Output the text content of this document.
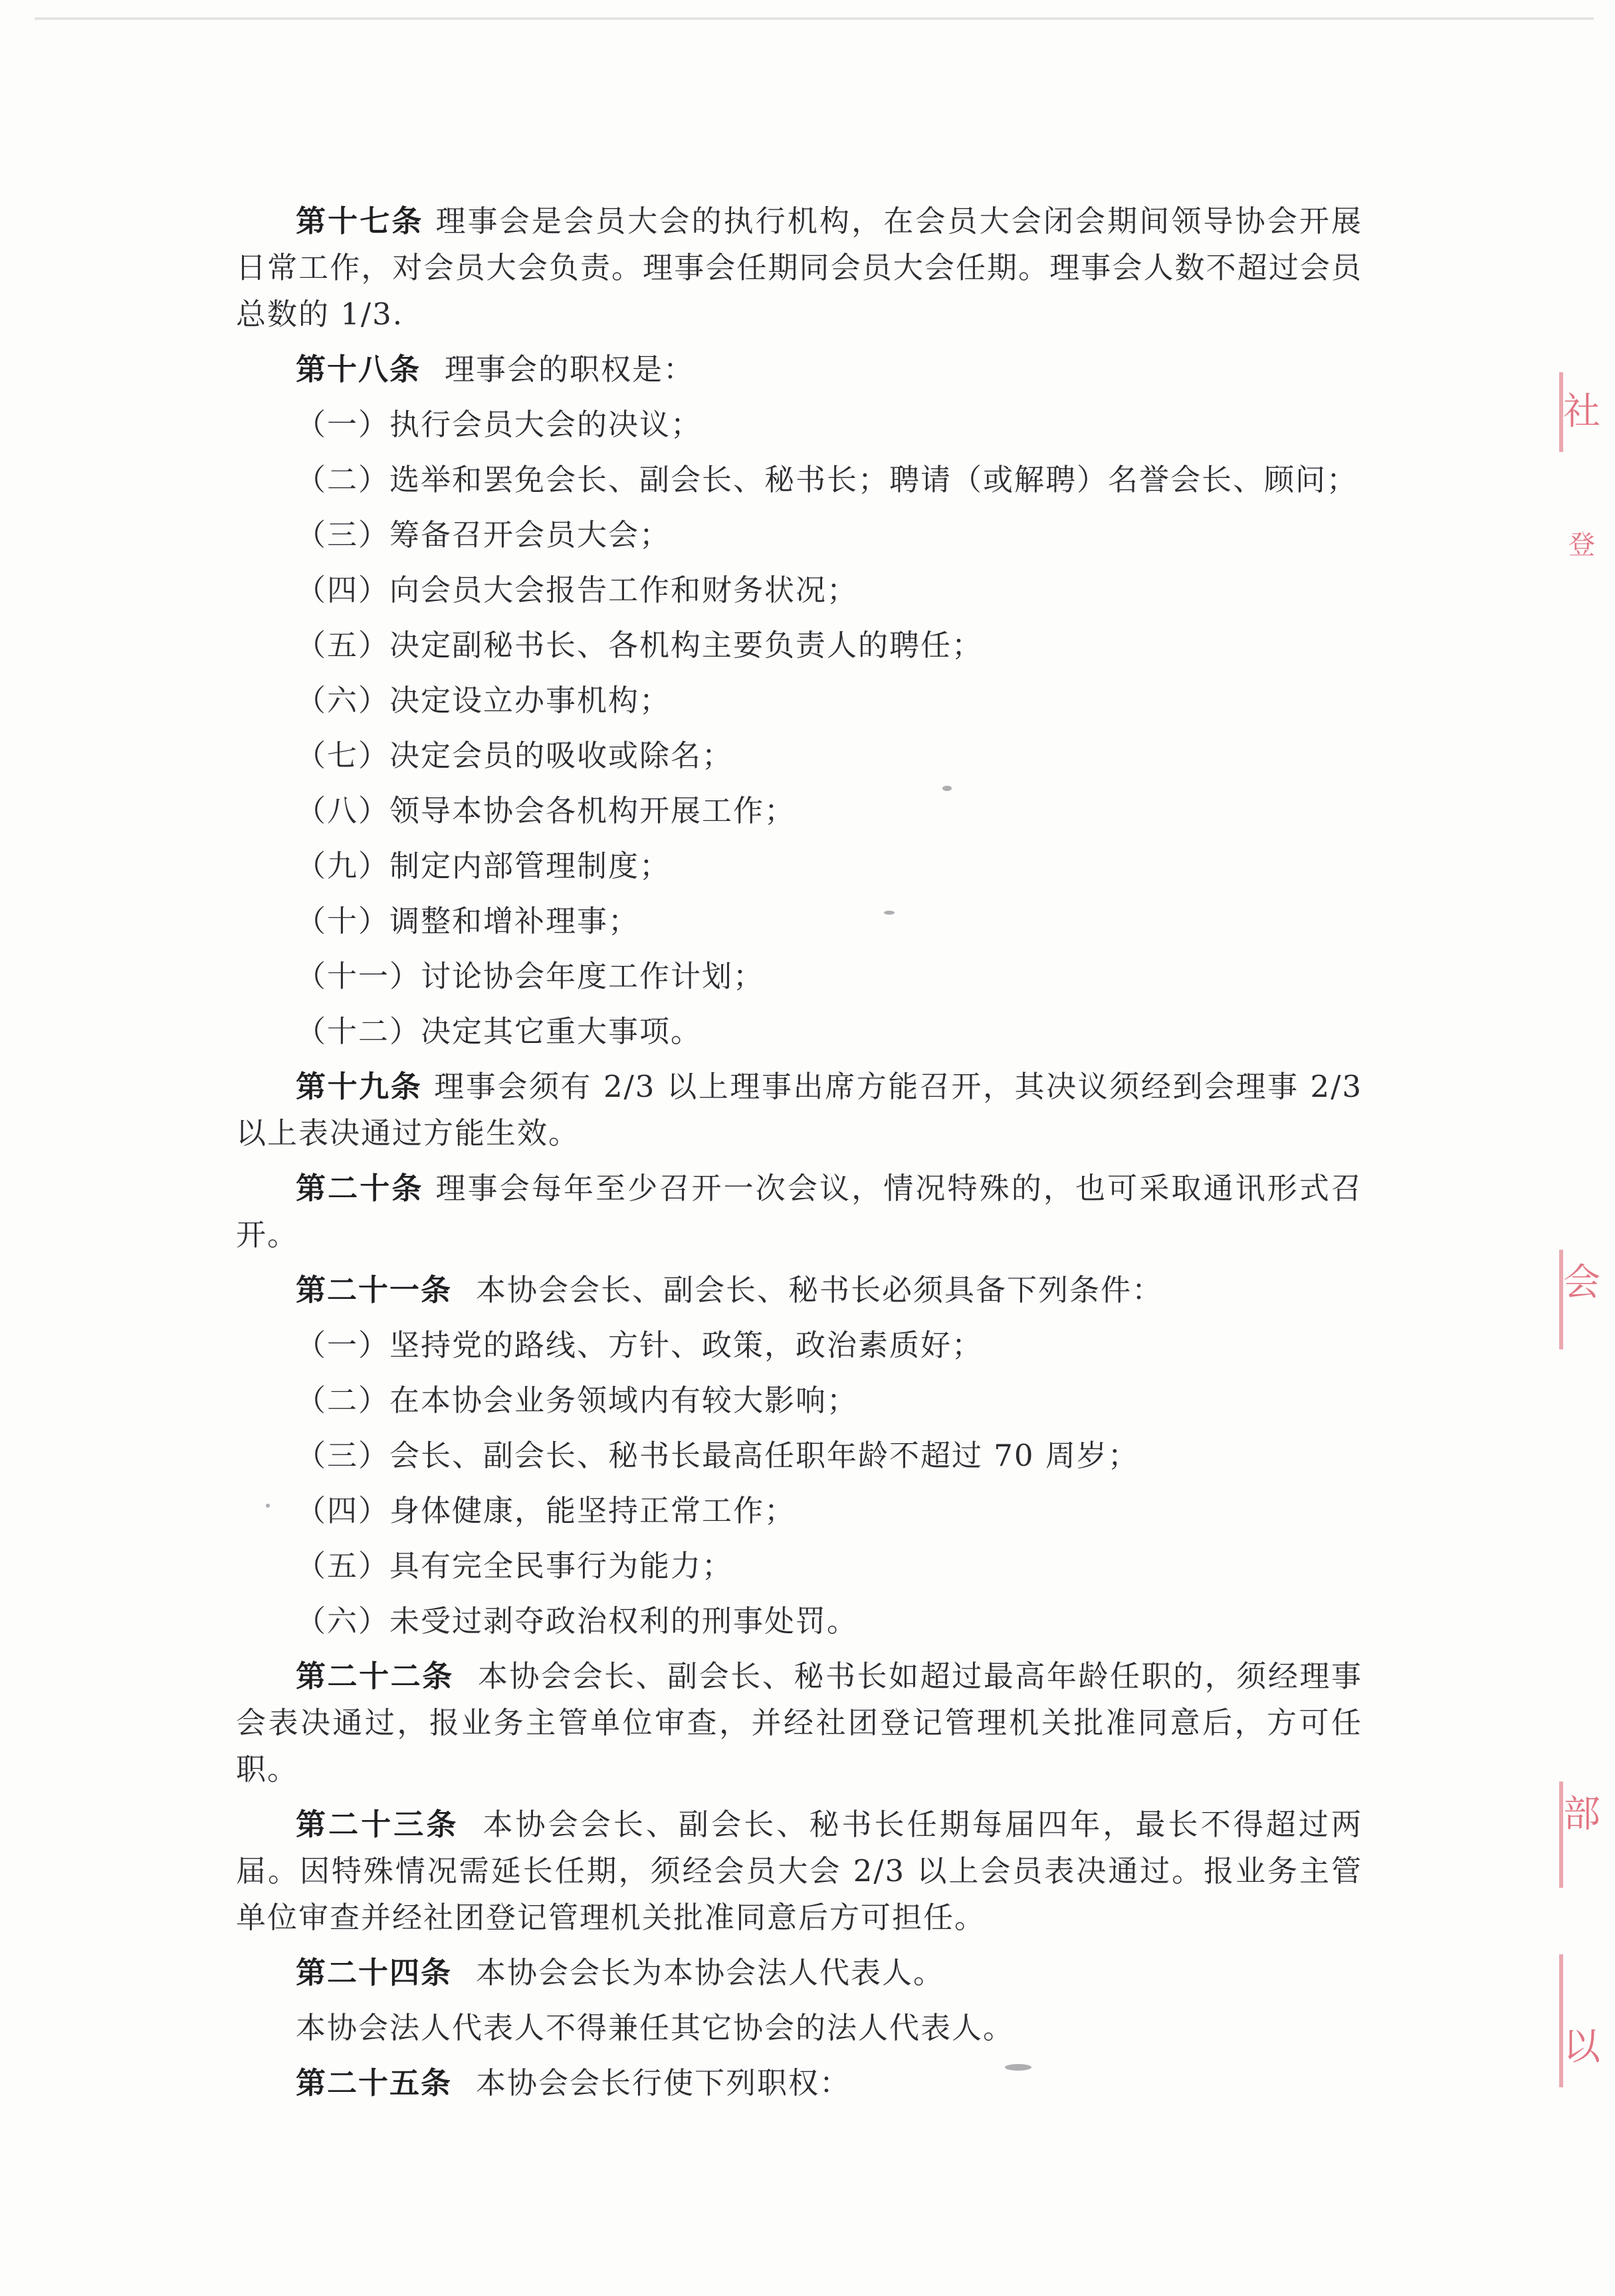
第十七条 理事会是会员大会的执行机构，在会员大会闭会期间领导协会开展日常工作，对会员大会负责。理事会任期同会员大会任期。理事会人数不超过会员总数的 1/3.

第十八条 理事会的职权是：

（一）执行会员大会的决议；

（二）选举和罢免会长、副会长、秘书长；聘请（或解聘）名誉会长、顾问；

（三）筹备召开会员大会；

（四）向会员大会报告工作和财务状况；

（五）决定副秘书长、各机构主要负责人的聘任；

（六）决定设立办事机构；

（七）决定会员的吸收或除名；

（八）领导本协会各机构开展工作；

（九）制定内部管理制度；

（十）调整和增补理事；

（十一）讨论协会年度工作计划；

（十二）决定其它重大事项。

第十九条 理事会须有 2/3 以上理事出席方能召开，其决议须经到会理事 2/3 以上表决通过方能生效。

第二十条 理事会每年至少召开一次会议，情况特殊的，也可采取通讯形式召开。

第二十一条 本协会会长、副会长、秘书长必须具备下列条件：

（一）坚持党的路线、方针、政策，政治素质好；

（二）在本协会业务领域内有较大影响；

（三）会长、副会长、秘书长最高任职年龄不超过 70 周岁；

（四）身体健康，能坚持正常工作；

（五）具有完全民事行为能力；

（六）未受过剥夺政治权利的刑事处罚。

第二十二条 本协会会长、副会长、秘书长如超过最高年龄任职的，须经理事会表决通过，报业务主管单位审查，并经社团登记管理机关批准同意后，方可任职。

第二十三条 本协会会长、副会长、秘书长任期每届四年，最长不得超过两届。因特殊情况需延长任期，须经会员大会 2/3 以上会员表决通过。报业务主管单位审查并经社团登记管理机关批准同意后方可担任。

第二十四条 本协会会长为本协会法人代表人。

本协会法人代表人不得兼任其它协会的法人代表人。

第二十五条 本协会会长行使下列职权：

社
登
会
部
以
